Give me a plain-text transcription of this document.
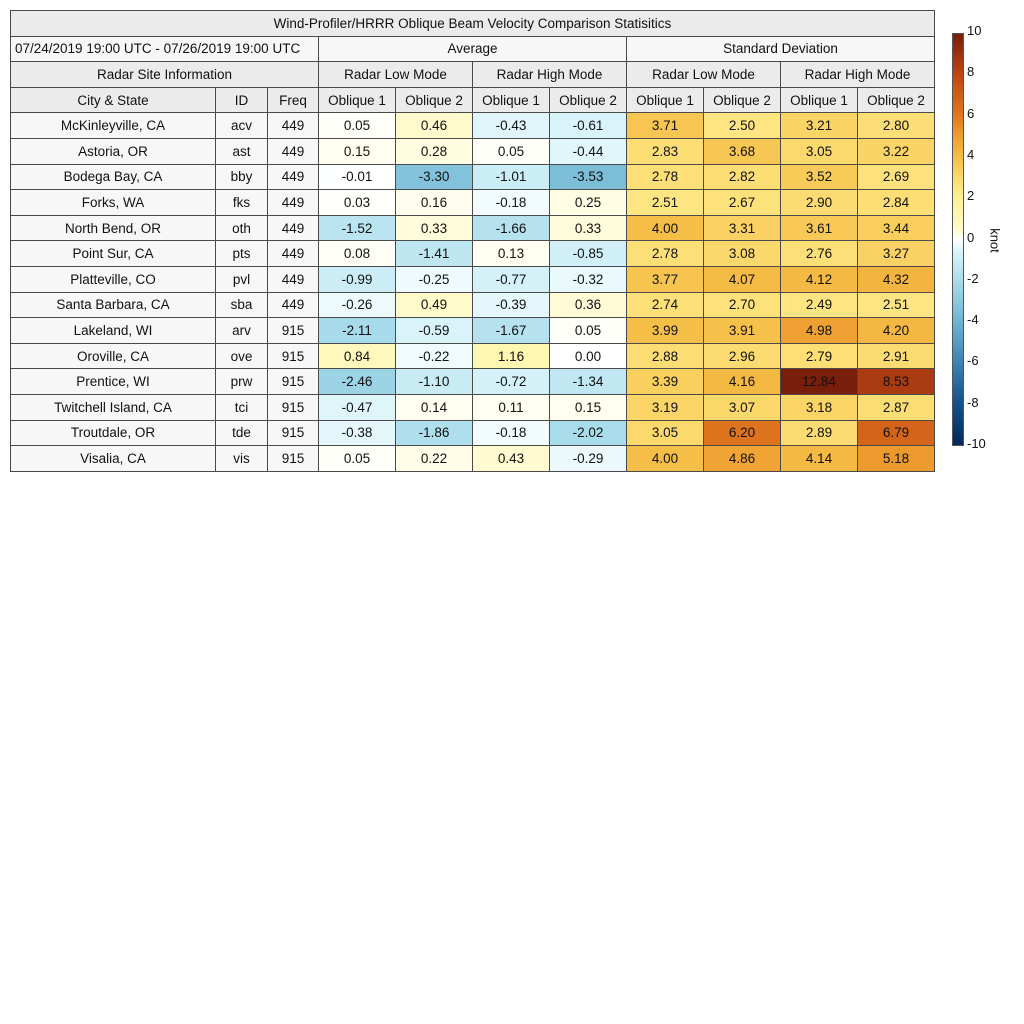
Wind-Profiler/HRRR Oblique Beam Velocity Comparison Statisitics										
07/24/2019 19:00 UTC - 07/26/2019 19:00 UTC			Average				Standard Deviation			
Radar Site Information			Radar Low Mode		Radar High Mode		Radar Low Mode		Radar High Mode	
City & State	ID	Freq	Oblique 1	Oblique 2	Oblique 1	Oblique 2	Oblique 1	Oblique 2	Oblique 1	Oblique 2
McKinleyville, CA	acv	449	0.05	0.46	-0.43	-0.61	3.71	2.50	3.21	2.80
Astoria, OR	ast	449	0.15	0.28	0.05	-0.44	2.83	3.68	3.05	3.22
Bodega Bay, CA	bby	449	-0.01	-3.30	-1.01	-3.53	2.78	2.82	3.52	2.69
Forks, WA	fks	449	0.03	0.16	-0.18	0.25	2.51	2.67	2.90	2.84
North Bend, OR	oth	449	-1.52	0.33	-1.66	0.33	4.00	3.31	3.61	3.44
Point Sur, CA	pts	449	0.08	-1.41	0.13	-0.85	2.78	3.08	2.76	3.27
Platteville, CO	pvl	449	-0.99	-0.25	-0.77	-0.32	3.77	4.07	4.12	4.32
Santa Barbara, CA	sba	449	-0.26	0.49	-0.39	0.36	2.74	2.70	2.49	2.51
Lakeland, WI	arv	915	-2.11	-0.59	-1.67	0.05	3.99	3.91	4.98	4.20
Oroville, CA	ove	915	0.84	-0.22	1.16	0.00	2.88	2.96	2.79	2.91
Prentice, WI	prw	915	-2.46	-1.10	-0.72	-1.34	3.39	4.16	12.84	8.53
Twitchell Island, CA	tci	915	-0.47	0.14	0.11	0.15	3.19	3.07	3.18	2.87
Troutdale, OR	tde	915	-0.38	-1.86	-0.18	-2.02	3.05	6.20	2.89	6.79
Visalia, CA	vis	915	0.05	0.22	0.43	-0.29	4.00	4.86	4.14	5.18
10
8
6
4
2
0
-2
-4
-6
-8
-10
knot
